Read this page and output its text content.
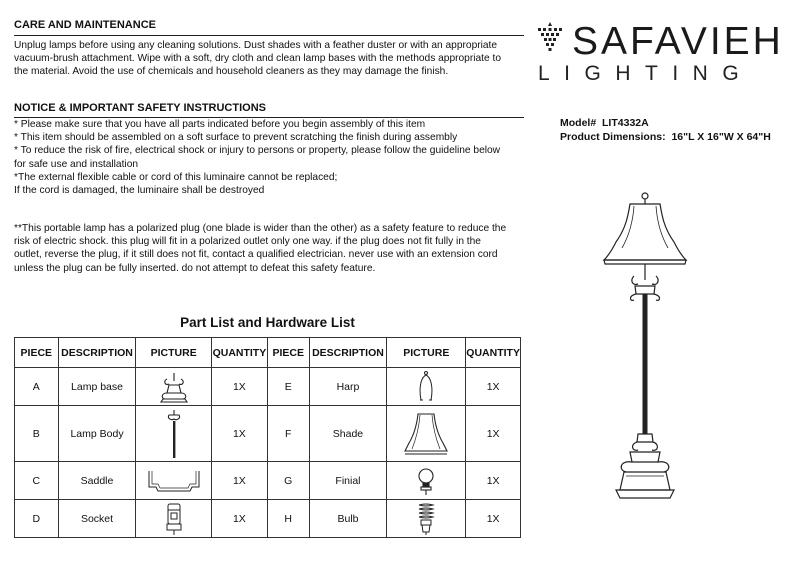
CARE AND MAINTENANCE
Unplug lamps before using any cleaning solutions. Dust shades with a feather duster or with an appropriate
vacuum-brush attachment. Wipe with a soft, dry cloth and clean lamp bases with the methods appropriate to
the material. Avoid the use of chemicals and household cleaners as they may damage the finish.
NOTICE & IMPORTANT SAFETY INSTRUCTIONS
* Please make sure that you have all parts indicated before you begin assembly of this item
* This item should be assembled on a soft surface to prevent scratching the finish during assembly
* To reduce the risk of fire, electrical shock or injury to persons or property, please follow the guideline below
for safe use and installation
*The external flexible cable or cord of this luminaire cannot be replaced;
If the cord is damaged, the luminaire shall be destroyed
**This portable lamp has a polarized plug (one blade is wider than the other) as a safety feature to reduce the
risk of electric shock. this plug will fit in a polarized outlet only one way. if the plug does not fit fully in the
outlet, reverse the plug, if it still does not fit, contact a qualified electrician. never use with an extension cord
unless the plug can be fully inserted. do not attempt to defeat this safety feature.
SAFAVIEH
LIGHTING
Model# LIT4332A
Product Dimensions: 16"L X 16"W X 64"H
Part List and Hardware List
PIECE	DESCRIPTION	PICTURE	QUANTITY	PIECE	DESCRIPTION	PICTURE	QUANTITY
A	Lamp base		1X	E	Harp		1X
B	Lamp Body		1X	F	Shade		1X
C	Saddle		1X	G	Finial		1X
D	Socket		1X	H	Bulb		1X
